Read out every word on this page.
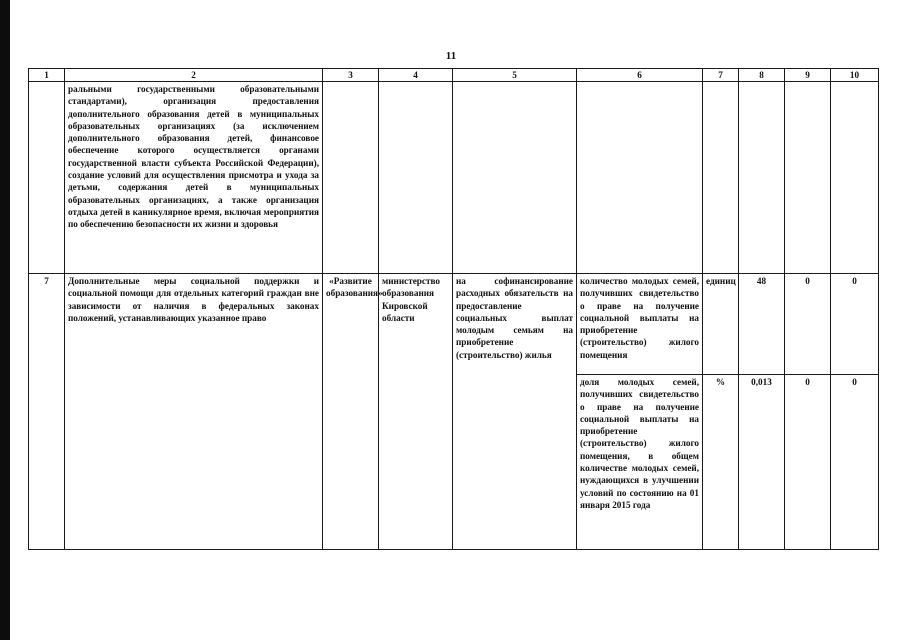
11
1	2	3	4	5	6	7	8	9	10
	ральными государственными образовательными стандартами), организация предоставления дополнительного образования детей в муниципальных образовательных организациях (за исключением дополнительного образования детей, финансовое обеспечение которого осуществляется органами государственной власти субъекта Российской Федерации), создание условий для осуществления присмотра и ухода за детьми, содержания детей в муниципальных образовательных организациях, а также организация отдыха детей в каникулярное время, включая мероприятия по обеспечению безопасности их жизни и здоровья								
7	Дополнительные меры социальной поддержки и социальной помощи для отдельных категорий граждан вне зависимости от наличия в федеральных законах положений, устанавливающих указанное право	«Развитие образования»	министерство образования Кировской области	на софинансирование расходных обязательств на предоставление социальных выплат молодым семьям на приобретение (строительство) жилья	количество молодых семей, получивших свидетельство о праве на получение социальной выплаты на приобретение (строительство) жилого помещения	единиц	48	0	0
					доля молодых семей, получивших свидетельство о праве на получение социальной выплаты на приобретение (строительство) жилого помещения, в общем количестве молодых семей, нуждающихся в улучшении условий по состоянию на 01 января 2015 года	%	0,013	0	0
